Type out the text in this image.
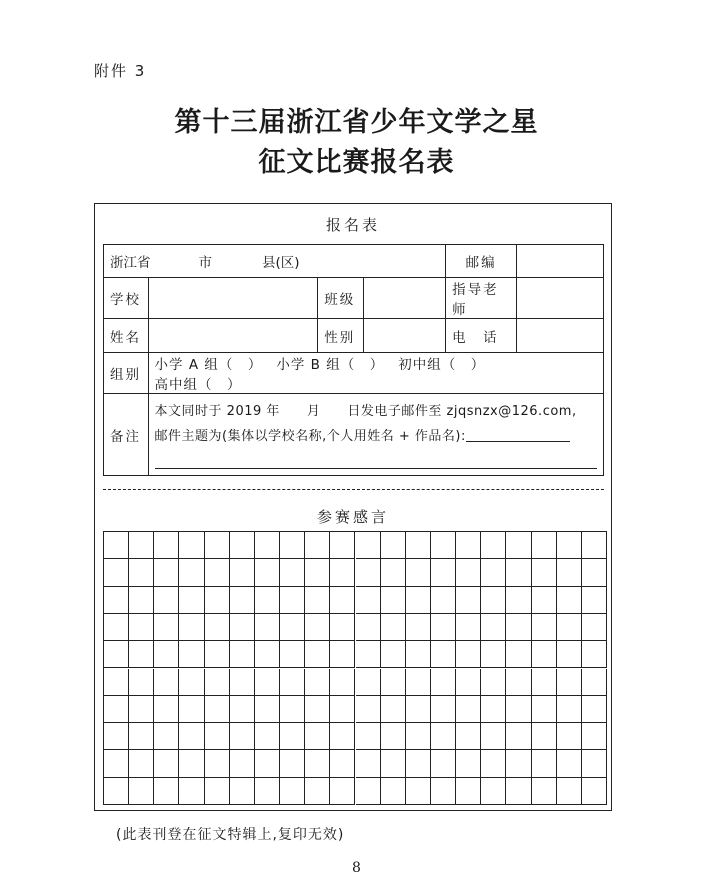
附件 3
第十三届浙江省少年文学之星
征文比赛报名表
报名表
浙江省 市 县(区)				邮编	
学校		班级		指导老师	
姓名		性别		电　话	
组别	小学 A 组（　） 小学 B 组（　） 初中组（　）高中组（　）				
备注	本文同时于 2019 年　　月　　日发电子邮件至 zjqsnzx@126.com,
邮件主题为(集体以学校名称,个人用姓名 + 作品名):				
参赛感言
(此表刊登在征文特辑上,复印无效)
8
